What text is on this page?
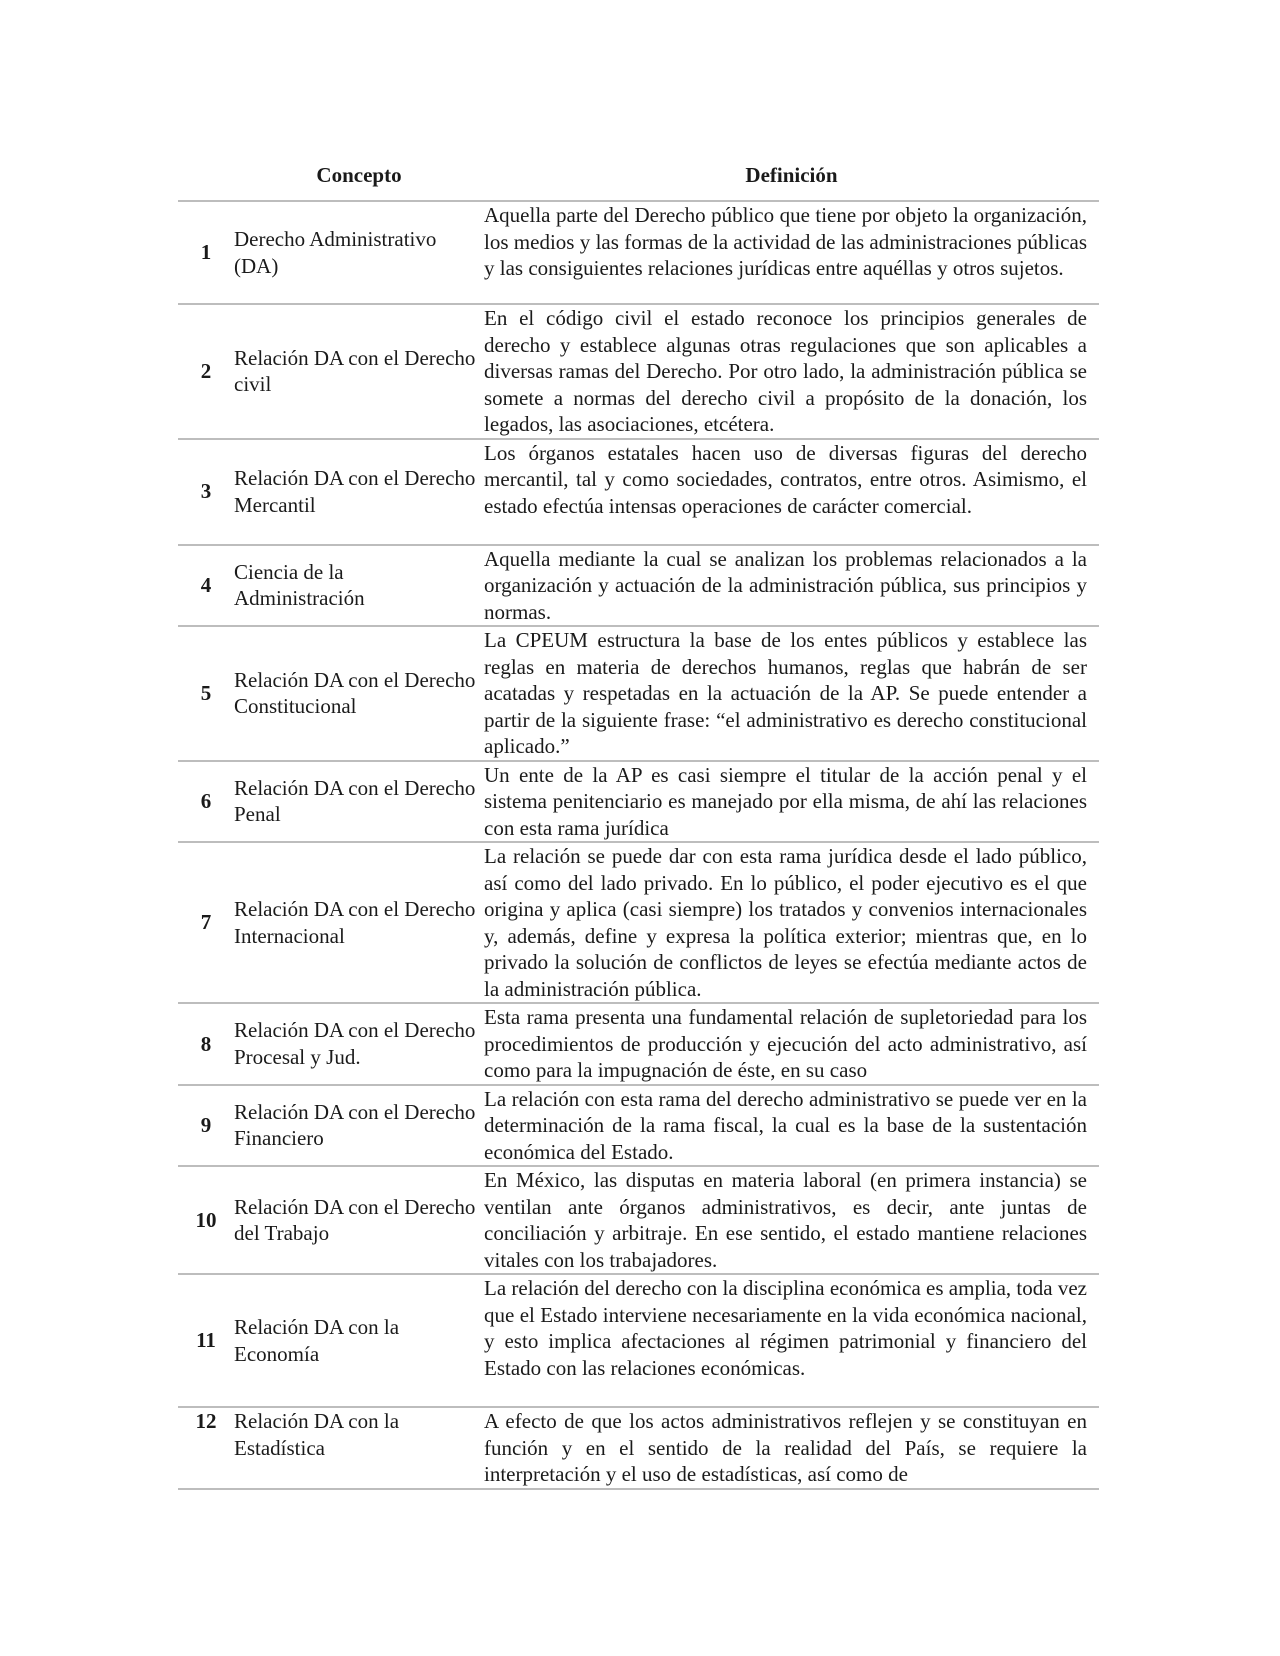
	Concepto	Definición
1	Derecho Administrativo (DA)	Aquella parte del Derecho público que tiene por objeto la organización, los medios y las formas de la actividad de las administraciones públicas y las consiguientes relaciones jurídicas entre aquéllas y otros sujetos.
2	Relación DA con el Derecho civil	En el código civil el estado reconoce los principios generales de derecho y establece algunas otras regulaciones que son aplicables a diversas ramas del Derecho. Por otro lado, la administración pública se somete a normas del derecho civil a propósito de la donación, los legados, las asociaciones, etcétera.
3	Relación DA con el Derecho Mercantil	Los órganos estatales hacen uso de diversas figuras del derecho mercantil, tal y como sociedades, contratos, entre otros. Asimismo, el estado efectúa intensas operaciones de carácter comercial.
4	Ciencia de la Administración	Aquella mediante la cual se analizan los problemas relacionados a la organización y actuación de la administración pública, sus principios y normas.
5	Relación DA con el Derecho Constitucional	La CPEUM estructura la base de los entes públicos y establece las reglas en materia de derechos humanos, reglas que habrán de ser acatadas y respetadas en la actuación de la AP. Se puede entender a partir de la siguiente frase: “el administrativo es derecho constitucional aplicado.”
6	Relación DA con el Derecho Penal	Un ente de la AP es casi siempre el titular de la acción penal y el sistema penitenciario es manejado por ella misma, de ahí las relaciones con esta rama jurídica
7	Relación DA con el Derecho Internacional	La relación se puede dar con esta rama jurídica desde el lado público, así como del lado privado. En lo público, el poder ejecutivo es el que origina y aplica (casi siempre) los tratados y convenios internacionales y, además, define y expresa la política exterior; mientras que, en lo privado la solución de conflictos de leyes se efectúa mediante actos de la administración pública.
8	Relación DA con el Derecho Procesal y Jud.	Esta rama presenta una fundamental relación de supletoriedad para los procedimientos de producción y ejecución del acto administrativo, así como para la impugnación de éste, en su caso
9	Relación DA con el Derecho Financiero	La relación con esta rama del derecho administrativo se puede ver en la determinación de la rama fiscal, la cual es la base de la sustentación económica del Estado.
10	Relación DA con el Derecho del Trabajo	En México, las disputas en materia laboral (en primera instancia) se ventilan ante órganos administrativos, es decir, ante juntas de conciliación y arbitraje. En ese sentido, el estado mantiene relaciones vitales con los trabajadores.
11	Relación DA con la Economía	La relación del derecho con la disciplina económica es amplia, toda vez que el Estado interviene necesariamente en la vida económica nacional, y esto implica afectaciones al régimen patrimonial y financiero del Estado con las relaciones económicas.
12	Relación DA con la Estadística	A efecto de que los actos administrativos reflejen y se constituyan en función y en el sentido de la realidad del País, se requiere la interpretación y el uso de estadísticas, así como de
